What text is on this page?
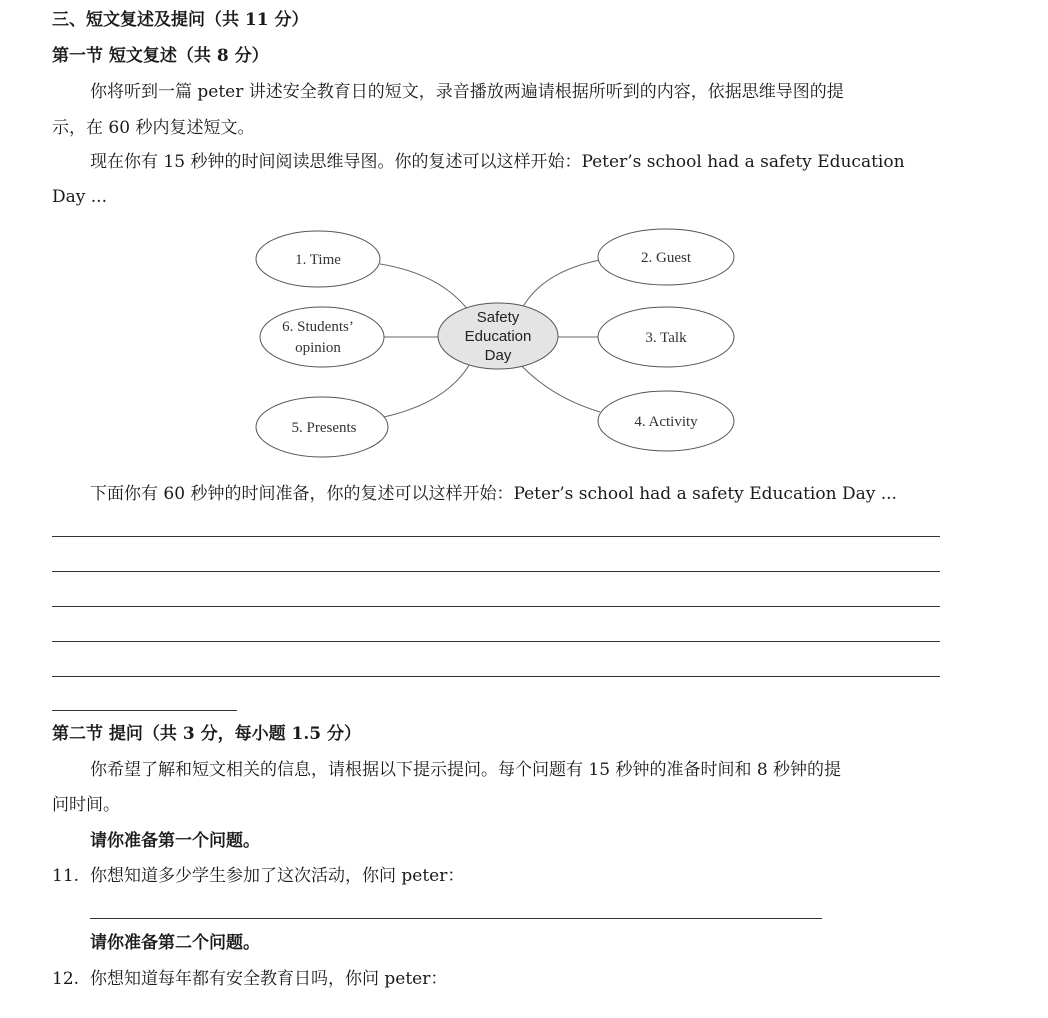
三、短文复述及提问（共 11 分）
第一节 短文复述（共 8 分）
你将听到一篇 peter 讲述安全教育日的短文，录音播放两遍请根据所听到的内容，依据思维导图的提
示，在 60 秒内复述短文。
现在你有 15 秒钟的时间阅读思维导图。你的复述可以这样开始：Peter’s school had a safety Education
Day ...
Safety
Education
Day
1. Time	2. Guest
3. Talk
4. Activity
6. Students’
opinion
5. Presents
下面你有 60 秒钟的时间准备，你的复述可以这样开始：Peter’s school had a safety Education Day ...
第二节 提问（共 3 分，每小题 1.5 分）
你希望了解和短文相关的信息，请根据以下提示提问。每个问题有 15 秒钟的准备时间和 8 秒钟的提
问时间。
请你准备第一个问题。
11. 你想知道多少学生参加了这次活动，你问 peter：
请你准备第二个问题。
12. 你想知道每年都有安全教育日吗，你问 peter：
